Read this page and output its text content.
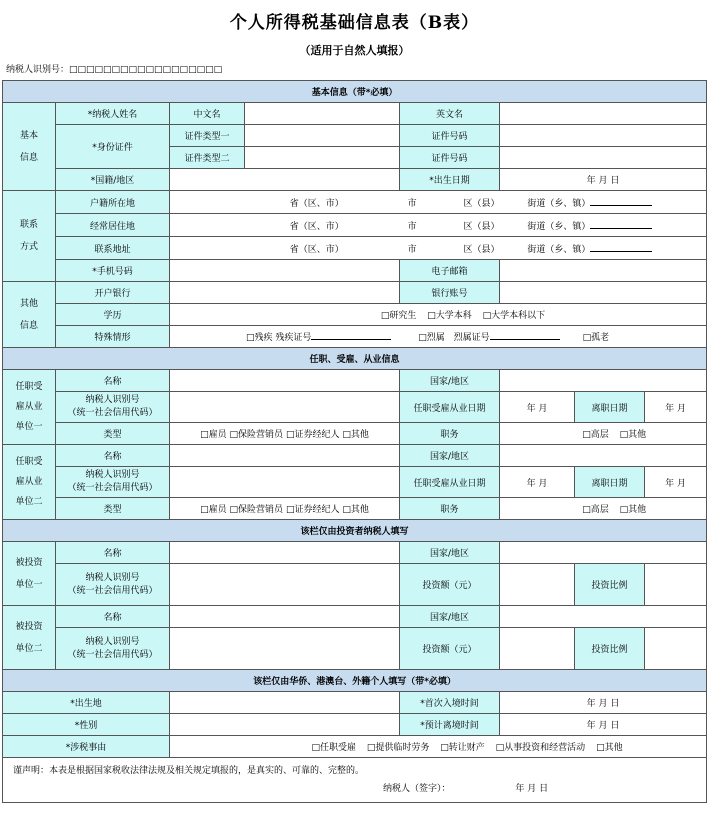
个人所得税基础信息表（B表）
（适用于自然人填报）
纳税人识别号：□□□□□□□□□□□□□□□□□□
基本信息（带*必填）							
基本
信息	*纳税人姓名	中文名		英文名			
	*身份证件	证件类型一		证件号码			
		证件类型二		证件号码			
	*国籍/地区			*出生日期	年 月 日		
联系
方式	户籍所在地	省（区、市） 市 区（县） 街道（乡、镇）					
	经常居住地	省（区、市） 市 区（县） 街道（乡、镇）					
	联系地址	省（区、市） 市 区（县） 街道（乡、镇）					
	*手机号码			电子邮箱			
其他
信息	开户银行			银行账号			
	学历	□研究生 □大学本科 □大学本科以下					
	特殊情形	□残疾 残疾证号 □烈属 烈属证号 □孤老					
任职、受雇、从业信息							
任职受
雇从业
单位一	名称			国家/地区			
	纳税人识别号
（统一社会信用代码）			任职受雇从业日期	年 月	离职日期	年 月
	类型	□雇员 □保险营销员 □证券经纪人 □其他		职务	□高层 □其他		
任职受
雇从业
单位二	名称			国家/地区			
	纳税人识别号
（统一社会信用代码）			任职受雇从业日期	年 月	离职日期	年 月
	类型	□雇员 □保险营销员 □证券经纪人 □其他		职务	□高层 □其他		
该栏仅由投资者纳税人填写							
被投资
单位一	名称			国家/地区			
	纳税人识别号
（统一社会信用代码）			投资额（元）		投资比例	
被投资
单位二	名称			国家/地区			
	纳税人识别号
（统一社会信用代码）			投资额（元）		投资比例	
该栏仅由华侨、港澳台、外籍个人填写（带*必填）							
*出生地				*首次入境时间	年 月 日		
*性别				*预计离境时间	年 月 日		
*涉税事由		□任职受雇 □提供临时劳务 □转让财产 □从事投资和经营活动 □其他					
谨声明：本表是根据国家税收法律法规及相关规定填报的，是真实的、可靠的、完整的。
纳税人（签字）： 年 月 日							
